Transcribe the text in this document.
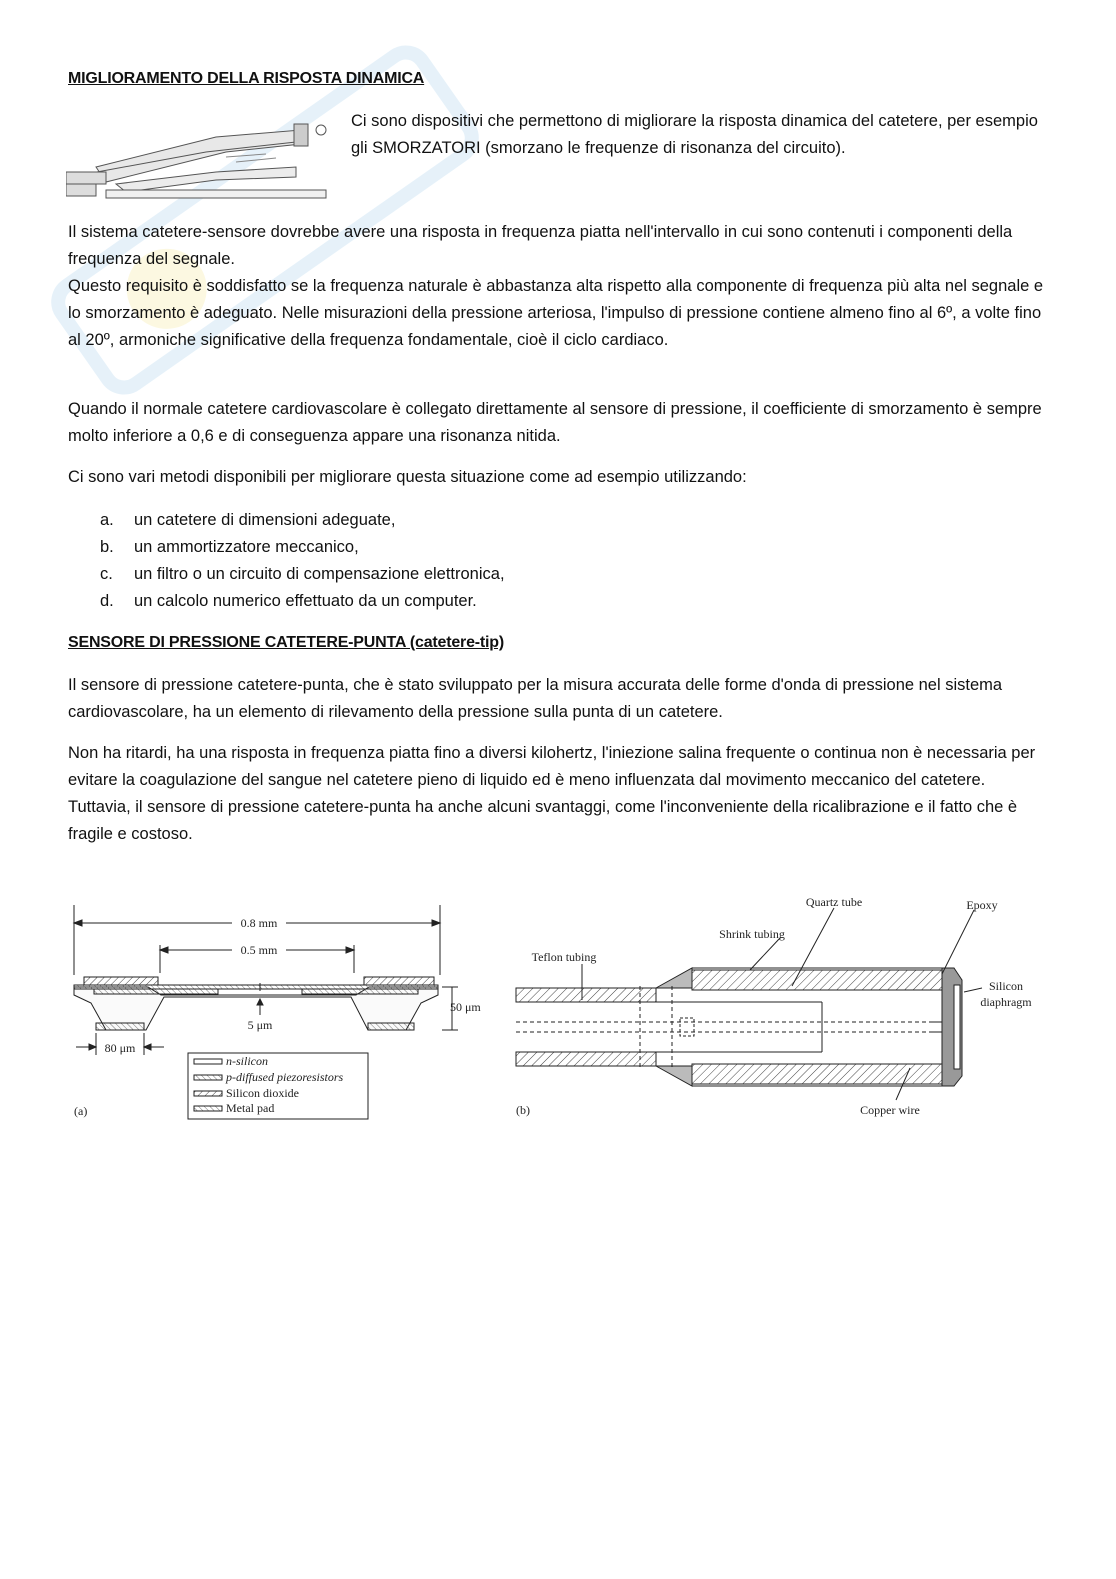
MIGLIORAMENTO DELLA RISPOSTA DINAMICA
Ci sono dispositivi che permettono di migliorare la risposta dinamica del catetere, per esempio gli SMORZATORI (smorzano le frequenze di risonanza del circuito).

Il sistema catetere-sensore dovrebbe avere una risposta in frequenza piatta nell'intervallo in cui sono contenuti i componenti della frequenza del segnale.

Questo requisito è soddisfatto se la frequenza naturale è abbastanza alta rispetto alla componente di frequenza più alta nel segnale e lo smorzamento è adeguato. Nelle misurazioni della pressione arteriosa, l'impulso di pressione contiene almeno fino al 6º, a volte fino al 20º, armoniche significative della frequenza fondamentale, cioè il ciclo cardiaco.

Quando il normale catetere cardiovascolare è collegato direttamente al sensore di pressione, il coefficiente di smorzamento è sempre molto inferiore a 0,6 e di conseguenza appare una risonanza nitida.
Ci sono vari metodi disponibili per migliorare questa situazione come ad esempio utilizzando:
a. un catetere di dimensioni adeguate,
b. un ammortizzatore meccanico,
c. un filtro o un circuito di compensazione elettronica,
d. un calcolo numerico effettuato da un computer.
SENSORE DI PRESSIONE CATETERE-PUNTA (catetere-tip)
Il sensore di pressione catetere-punta, che è stato sviluppato per la misura accurata delle forme d'onda di pressione nel sistema cardiovascolare, ha un elemento di rilevamento della pressione sulla punta di un catetere.

Non ha ritardi, ha una risposta in frequenza piatta fino a diversi kilohertz, l'iniezione salina frequente o continua non è necessaria per evitare la coagulazione del sangue nel catetere pieno di liquido ed è meno influenzata dal movimento meccanico del catetere.

Tuttavia, il sensore di pressione catetere-punta ha anche alcuni svantaggi, come l'inconveniente della ricalibrazione e il fatto che è fragile e costoso.

0.8 mm
0.5 mm
5 μm
50 μm
80 μm
n-silicon
p-diffused piezoresistors
Silicon dioxide
Metal pad
(a)
Quartz tube	Epoxy
Shrink tubing
Teflon tubing
Silicon
diaphragm
Copper wire
(b)
